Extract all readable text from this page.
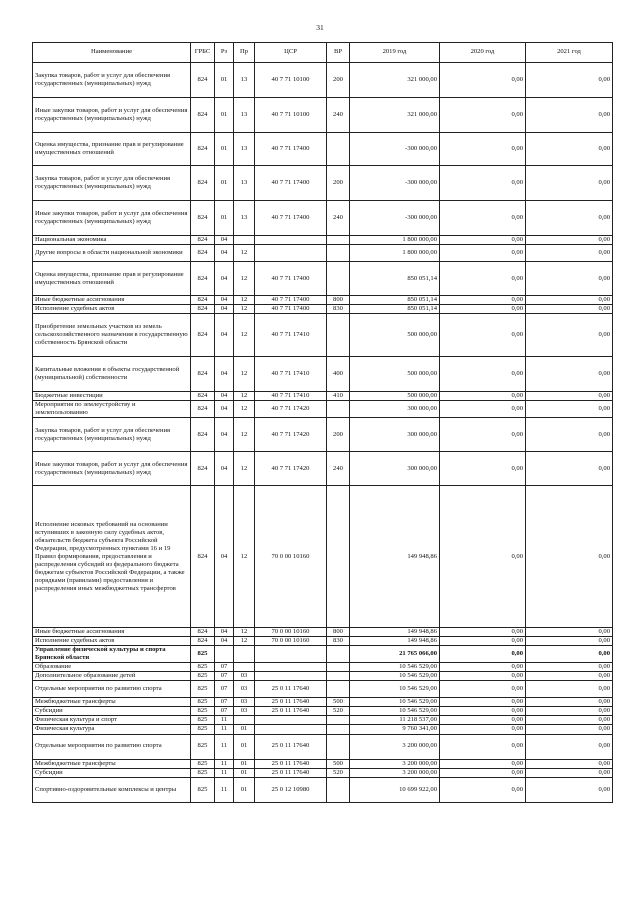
31
Наименование	ГРБС	Рз	Пр	ЦСР	ВР	2019 год	2020 год	2021 год
Закупка товаров, работ и услуг для обеспечения государственных (муниципальных) нужд	824	01	13	40 7 71 10100	200	321 000,00	0,00	0,00
Иные закупки товаров, работ и услуг для обеспечения государственных (муниципальных) нужд	824	01	13	40 7 71 10100	240	321 000,00	0,00	0,00
Оценка имущества, признание прав и регулирование имущественных отношений	824	01	13	40 7 71 17400		-300 000,00	0,00	0,00
Закупка товаров, работ и услуг для обеспечения государственных (муниципальных) нужд	824	01	13	40 7 71 17400	200	-300 000,00	0,00	0,00
Иные закупки товаров, работ и услуг для обеспечения государственных (муниципальных) нужд	824	01	13	40 7 71 17400	240	-300 000,00	0,00	0,00
Национальная экономика	824	04				1 800 000,00	0,00	0,00
Другие вопросы в области национальной экономики	824	04	12			1 800 000,00	0,00	0,00
Оценка имущества, признание прав и регулирование имущественных отношений	824	04	12	40 7 71 17400		850 051,14	0,00	0,00
Иные бюджетные ассигнования	824	04	12	40 7 71 17400	800	850 051,14	0,00	0,00
Исполнение судебных актов	824	04	12	40 7 71 17400	830	850 051,14	0,00	0,00
Приобретение земельных участков из земель сельскохозяйственного назначения в государственную собственность Брянской области	824	04	12	40 7 71 17410		500 000,00	0,00	0,00
Капитальные вложения в объекты государственной (муниципальной) собственности	824	04	12	40 7 71 17410	400	500 000,00	0,00	0,00
Бюджетные инвестиции	824	04	12	40 7 71 17410	410	500 000,00	0,00	0,00
Мероприятия по землеустройству и землепользованию	824	04	12	40 7 71 17420		300 000,00	0,00	0,00
Закупка товаров, работ и услуг для обеспечения государственных (муниципальных) нужд	824	04	12	40 7 71 17420	200	300 000,00	0,00	0,00
Иные закупки товаров, работ и услуг для обеспечения государственных (муниципальных) нужд	824	04	12	40 7 71 17420	240	300 000,00	0,00	0,00
Исполнение исковых требований на основании вступивших в законную силу судебных актов, обязательств бюджета субъекта Российской Федерации, предусмотренных пунктами 16 и 19 Правил формирования, предоставления и распределения субсидий из федерального бюджета бюджетам субъектов Российской Федерации, а также порядками (правилами) предоставления и распределения иных межбюджетных трансфертов	824	04	12	70 0 00 10160		149 948,86	0,00	0,00
Иные бюджетные ассигнования	824	04	12	70 0 00 10160	800	149 948,86	0,00	0,00
Исполнение судебных актов	824	04	12	70 0 00 10160	830	149 948,86	0,00	0,00
Управление физической культуры и спорта Брянской области	825					21 765 066,00	0,00	0,00
Образование	825	07				10 546 529,00	0,00	0,00
Дополнительное образование детей	825	07	03			10 546 529,00	0,00	0,00
Отдельные мероприятия по развитию спорта	825	07	03	25 0 11 17640		10 546 529,00	0,00	0,00
Межбюджетные трансферты	825	07	03	25 0 11 17640	500	10 546 529,00	0,00	0,00
Субсидии	825	07	03	25 0 11 17640	520	10 546 529,00	0,00	0,00
Физическая культура и спорт	825	11				11 218 537,00	0,00	0,00
Физическая культура	825	11	01			9 760 341,00	0,00	0,00
Отдельные мероприятия по развитию спорта	825	11	01	25 0 11 17640		3 200 000,00	0,00	0,00
Межбюджетные трансферты	825	11	01	25 0 11 17640	500	3 200 000,00	0,00	0,00
Субсидии	825	11	01	25 0 11 17640	520	3 200 000,00	0,00	0,00
Спортивно-оздоровительные комплексы и центры	825	11	01	25 0 12 10980		10 699 922,00	0,00	0,00
